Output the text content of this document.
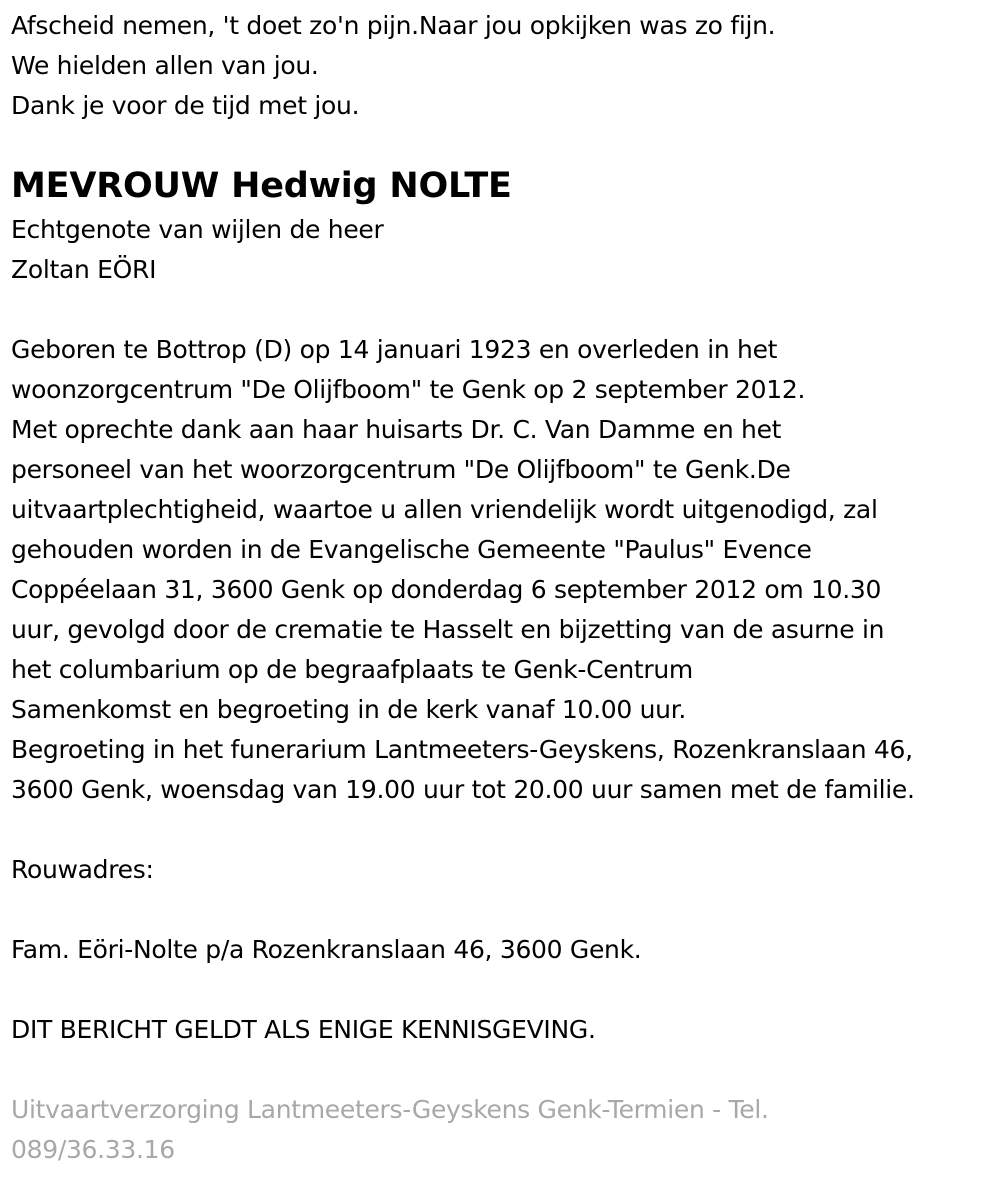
Afscheid nemen, 't doet zo'n pijn.Naar jou opkijken was zo fijn.
We hielden allen van jou.
Dank je voor de tijd met jou.
MEVROUW Hedwig NOLTE
Echtgenote van wijlen de heer
Zoltan EÖRI
Geboren te Bottrop (D) op 14 januari 1923 en overleden in het
woonzorgcentrum "De Olijfboom" te Genk op 2 september 2012.
Met oprechte dank aan haar huisarts Dr. C. Van Damme en het
personeel van het woorzorgcentrum "De Olijfboom" te Genk.De
uitvaartplechtigheid, waartoe u allen vriendelijk wordt uitgenodigd, zal
gehouden worden in de Evangelische Gemeente "Paulus" Evence
Coppéelaan 31, 3600 Genk op donderdag 6 september 2012 om 10.30
uur, gevolgd door de crematie te Hasselt en bijzetting van de asurne in
het columbarium op de begraafplaats te Genk-Centrum
Samenkomst en begroeting in de kerk vanaf 10.00 uur.
Begroeting in het funerarium Lantmeeters-Geyskens, Rozenkranslaan 46,
3600 Genk, woensdag van 19.00 uur tot 20.00 uur samen met de familie.
Rouwadres:
Fam. Eöri-Nolte p/a Rozenkranslaan 46, 3600 Genk.
DIT BERICHT GELDT ALS ENIGE KENNISGEVING.
Uitvaartverzorging Lantmeeters-Geyskens Genk-Termien - Tel.
089/36.33.16
